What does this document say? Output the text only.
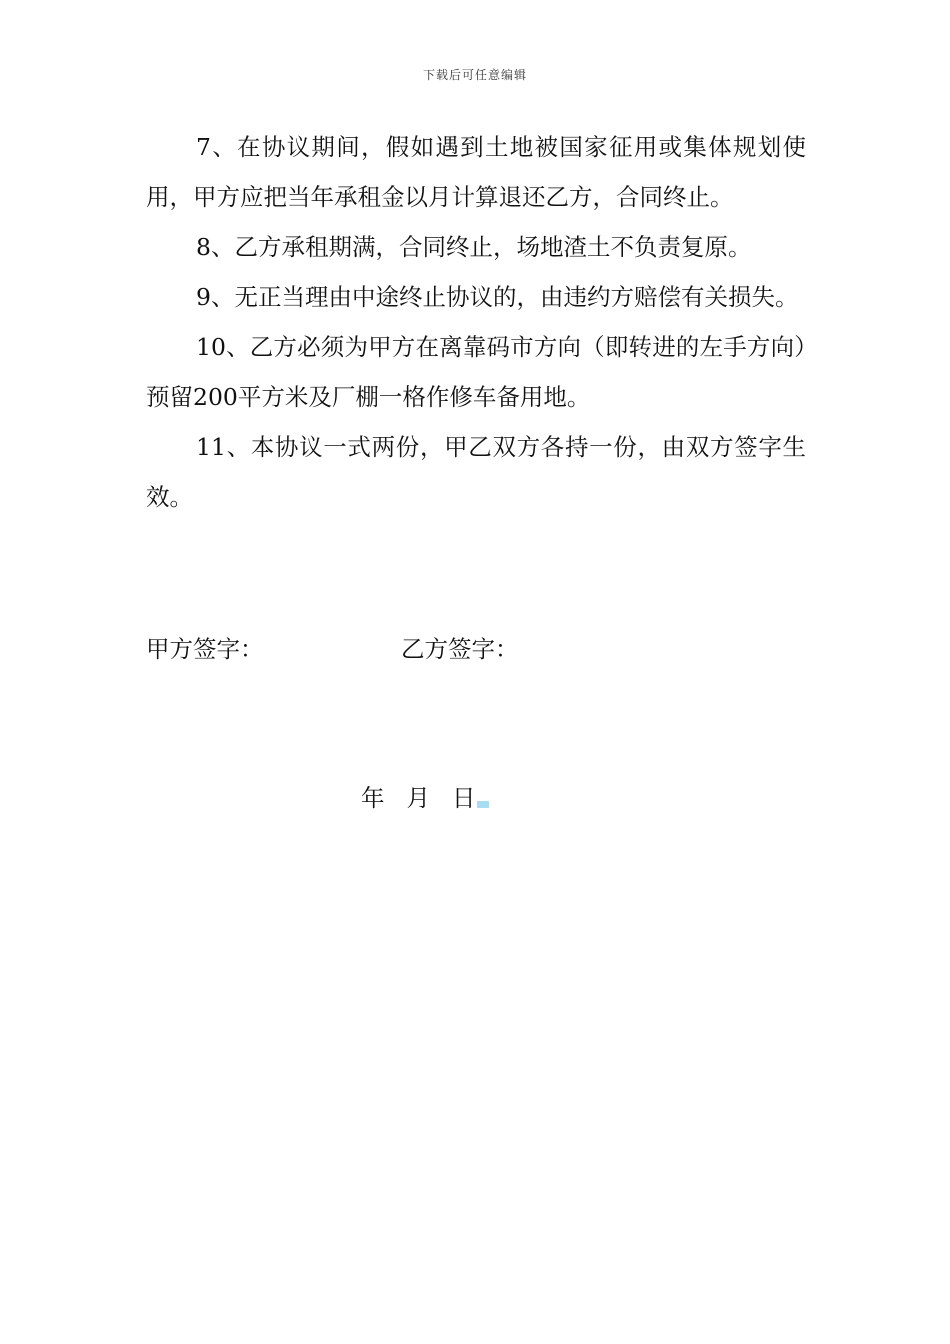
下载后可任意编辑

7、在协议期间，假如遇到土地被国家征用或集体规划使用，甲方应把当年承租金以月计算退还乙方，合同终止。

8、乙方承租期满，合同终止，场地渣土不负责复原。

9、无正当理由中途终止协议的，由违约方赔偿有关损失。

10、乙方必须为甲方在离靠码市方向（即转进的左手方向）预留200平方米及厂棚一格作修车备用地。

11、本协议一式两份，甲乙双方各持一份，由双方签字生效。

甲方签字：	乙方签字：
年 月 日
